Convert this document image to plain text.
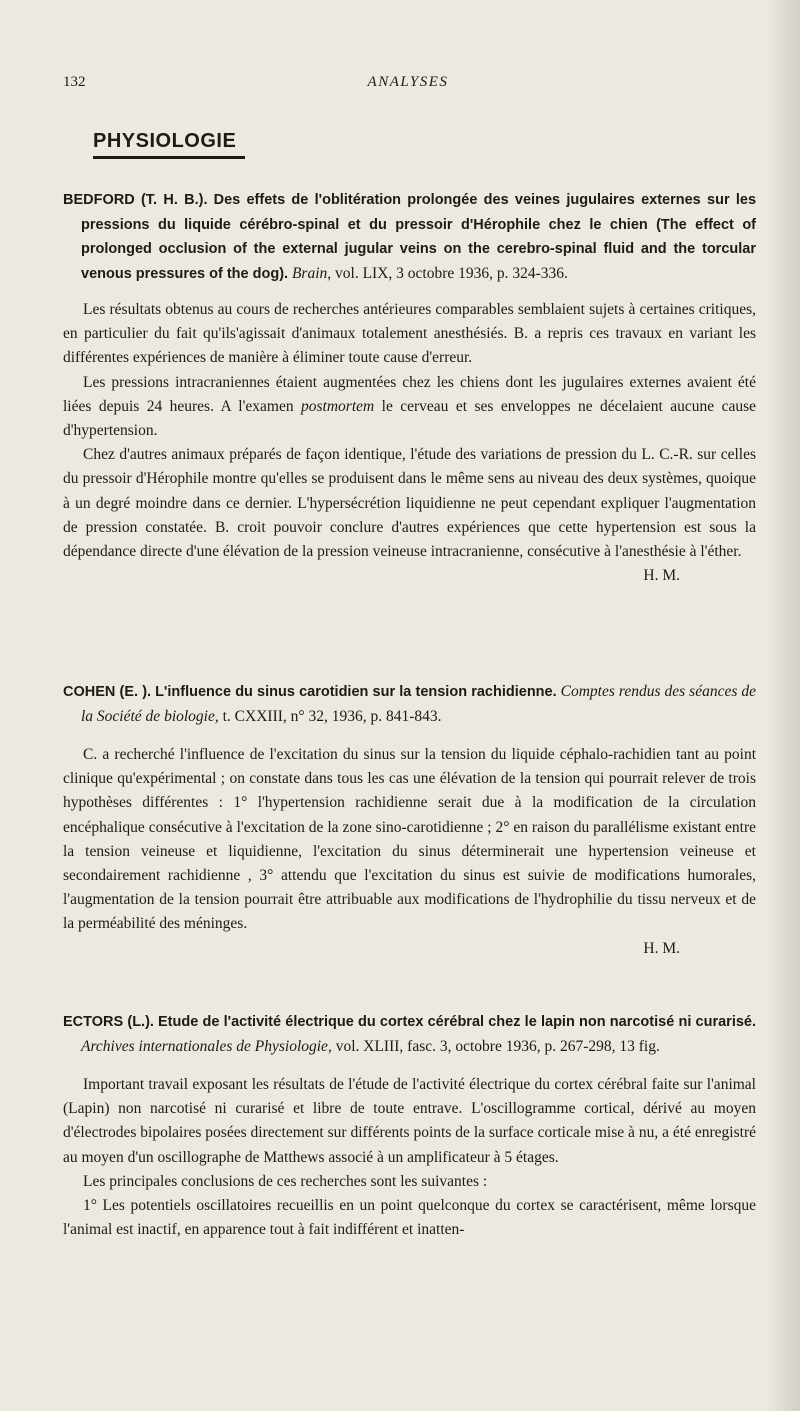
132	ANALYSES
PHYSIOLOGIE

BEDFORD (T. H. B.). Des effets de l'oblitération prolongée des veines jugulaires externes sur les pressions du liquide cérébro-spinal et du pressoir d'Hérophile chez le chien (The effect of prolonged occlusion of the external jugular veins on the cerebro-spinal fluid and the torcular venous pressures of the dog). Brain, vol. LIX, 3 octobre 1936, p. 324-336.

Les résultats obtenus au cours de recherches antérieures comparables semblaient sujets à certaines critiques, en particulier du fait qu'ils'agissait d'animaux totalement anesthésiés. B. a repris ces travaux en variant les différentes expériences de manière à éliminer toute cause d'erreur.

Les pressions intracraniennes étaient augmentées chez les chiens dont les jugulaires externes avaient été liées depuis 24 heures. A l'examen postmortem le cerveau et ses enveloppes ne décelaient aucune cause d'hypertension.

Chez d'autres animaux préparés de façon identique, l'étude des variations de pression du L. C.-R. sur celles du pressoir d'Hérophile montre qu'elles se produisent dans le même sens au niveau des deux systèmes, quoique à un degré moindre dans ce dernier. L'hypersécrétion liquidienne ne peut cependant expliquer l'augmentation de pression constatée. B. croit pouvoir conclure d'autres expériences que cette hypertension est sous la dépendance directe d'une élévation de la pression veineuse intracranienne, consécutive à l'anesthésie à l'éther.
H. M.

COHEN (E. ). L'influence du sinus carotidien sur la tension rachidienne. Comptes rendus des séances de la Société de biologie, t. CXXIII, n° 32, 1936, p. 841-843.

C. a recherché l'influence de l'excitation du sinus sur la tension du liquide céphalo-rachidien tant au point clinique qu'expérimental ; on constate dans tous les cas une élévation de la tension qui pourrait relever de trois hypothèses différentes : 1° l'hypertension rachidienne serait due à la modification de la circulation encéphalique consécutive à l'excitation de la zone sino-carotidienne ; 2° en raison du parallélisme existant entre la tension veineuse et liquidienne, l'excitation du sinus déterminerait une hypertension veineuse et secondairement rachidienne , 3° attendu que l'excitation du sinus est suivie de modifications humorales, l'augmentation de la tension pourrait être attribuable aux modifications de l'hydrophilie du tissu nerveux et de la perméabilité des méninges.

H. M.

ECTORS (L.). Etude de l'activité électrique du cortex cérébral chez le lapin non narcotisé ni curarisé. Archives internationales de Physiologie, vol. XLIII, fasc. 3, octobre 1936, p. 267-298, 13 fig.

Important travail exposant les résultats de l'étude de l'activité électrique du cortex cérébral faite sur l'animal (Lapin) non narcotisé ni curarisé et libre de toute entrave. L'oscillogramme cortical, dérivé au moyen d'électrodes bipolaires posées directement sur différents points de la surface corticale mise à nu, a été enregistré au moyen d'un oscillographe de Matthews associé à un amplificateur à 5 étages.

Les principales conclusions de ces recherches sont les suivantes :

1° Les potentiels oscillatoires recueillis en un point quelconque du cortex se caractérisent, même lorsque l'animal est inactif, en apparence tout à fait indifférent et inatten-
